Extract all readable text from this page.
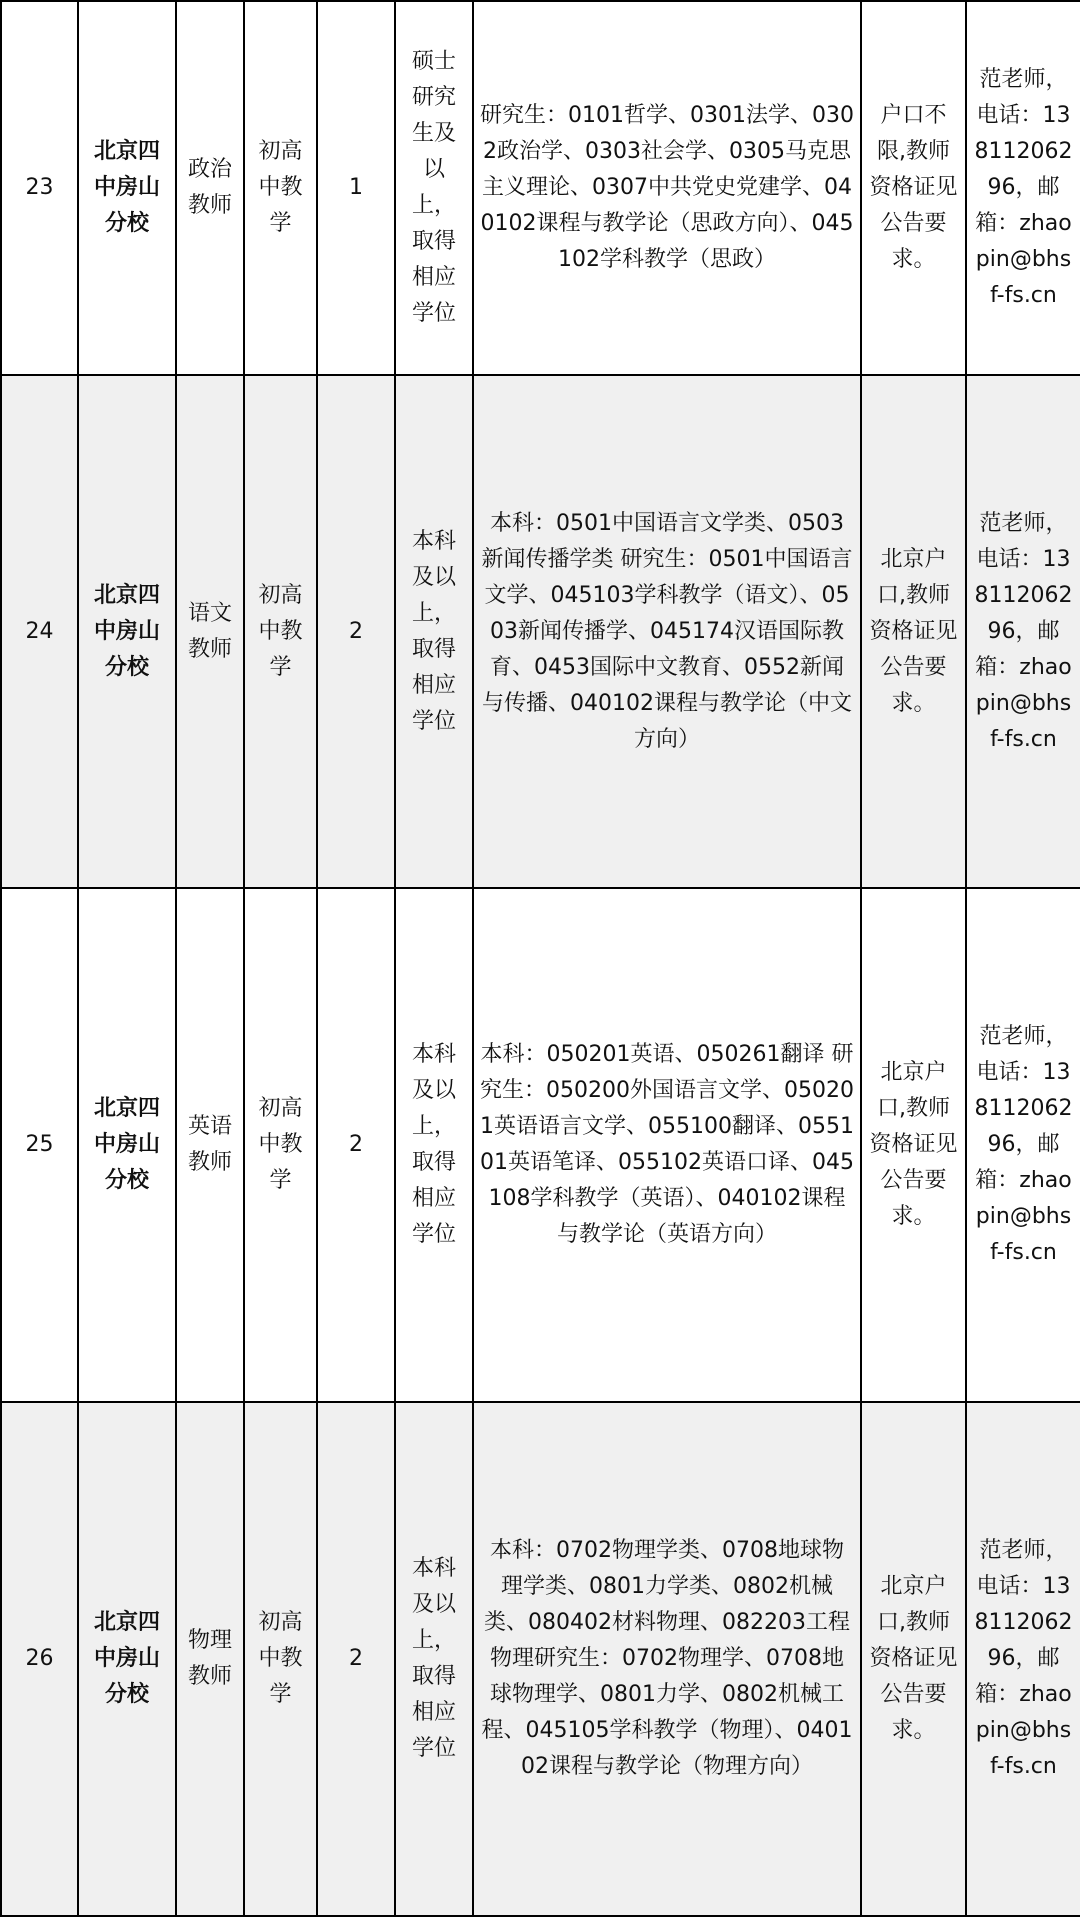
23	北京四中房山分校	政治教师	初高中教学	1	硕士研究生及以上，取得相应学位	研究生：0101哲学、0301法学、0302政治学、0303社会学、0305马克思主义理论、0307中共党史党建学、040102课程与教学论（思政方向）、045102学科教学（思政）	户口不限,教师资格证见公告要求。	范老师，电话：13811206296，邮箱：zhaopin@bhsf-fs.cn
24	北京四中房山分校	语文教师	初高中教学	2	本科及以上，取得相应学位	本科：0501中国语言文学类、0503新闻传播学类 研究生：0501中国语言文学、045103学科教学（语文）、0503新闻传播学、045174汉语国际教育、0453国际中文教育、0552新闻与传播、040102课程与教学论（中文方向）	北京户口,教师资格证见公告要求。	范老师，电话：13811206296，邮箱：zhaopin@bhsf-fs.cn
25	北京四中房山分校	英语教师	初高中教学	2	本科及以上，取得相应学位	本科：050201英语、050261翻译 研究生：050200外国语言文学、050201英语语言文学、055100翻译、055101英语笔译、055102英语口译、045108学科教学（英语）、040102课程与教学论（英语方向）	北京户口,教师资格证见公告要求。	范老师，电话：13811206296，邮箱：zhaopin@bhsf-fs.cn
26	北京四中房山分校	物理教师	初高中教学	2	本科及以上，取得相应学位	本科：0702物理学类、0708地球物理学类、0801力学类、0802机械类、080402材料物理、082203工程物理研究生：0702物理学、0708地球物理学、0801力学、0802机械工程、045105学科教学（物理）、040102课程与教学论（物理方向）	北京户口,教师资格证见公告要求。	范老师，电话：13811206296，邮箱：zhaopin@bhsf-fs.cn
